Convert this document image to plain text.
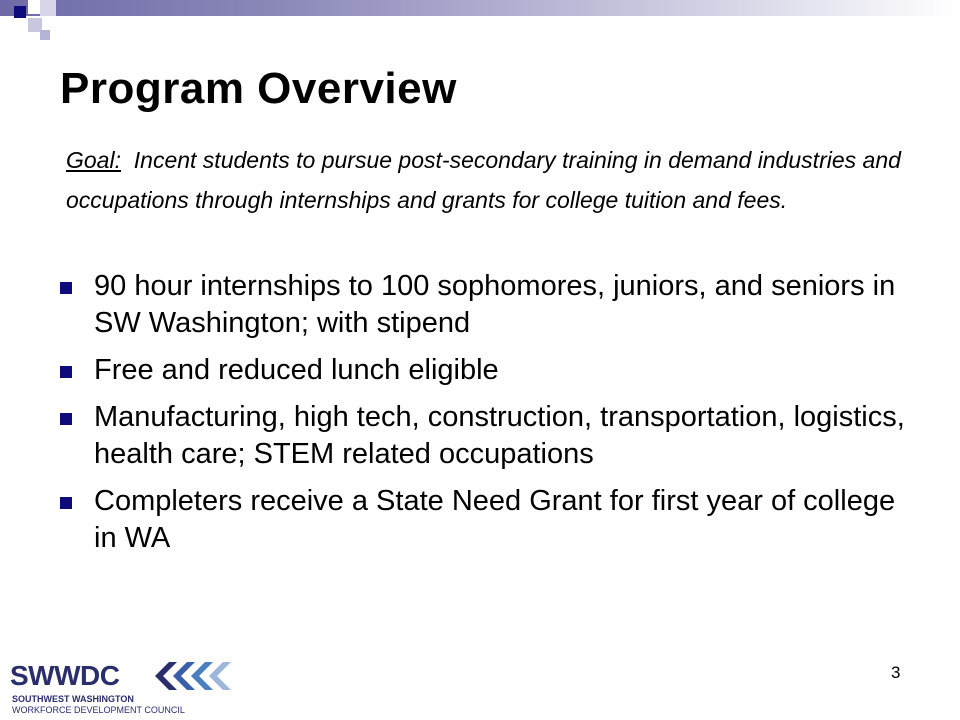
Program Overview
Goal:  Incent students to pursue post-secondary training in demand industries and occupations through internships and grants for college tuition and fees.
90 hour internships to 100 sophomores, juniors, and seniors in SW Washington; with stipend
Free and reduced lunch eligible
Manufacturing, high tech, construction, transportation, logistics, health care; STEM related occupations
Completers receive a State Need Grant for first year of college in WA
SWWDC
SOUTHWEST WASHINGTON
WORKFORCE DEVELOPMENT COUNCIL
3
